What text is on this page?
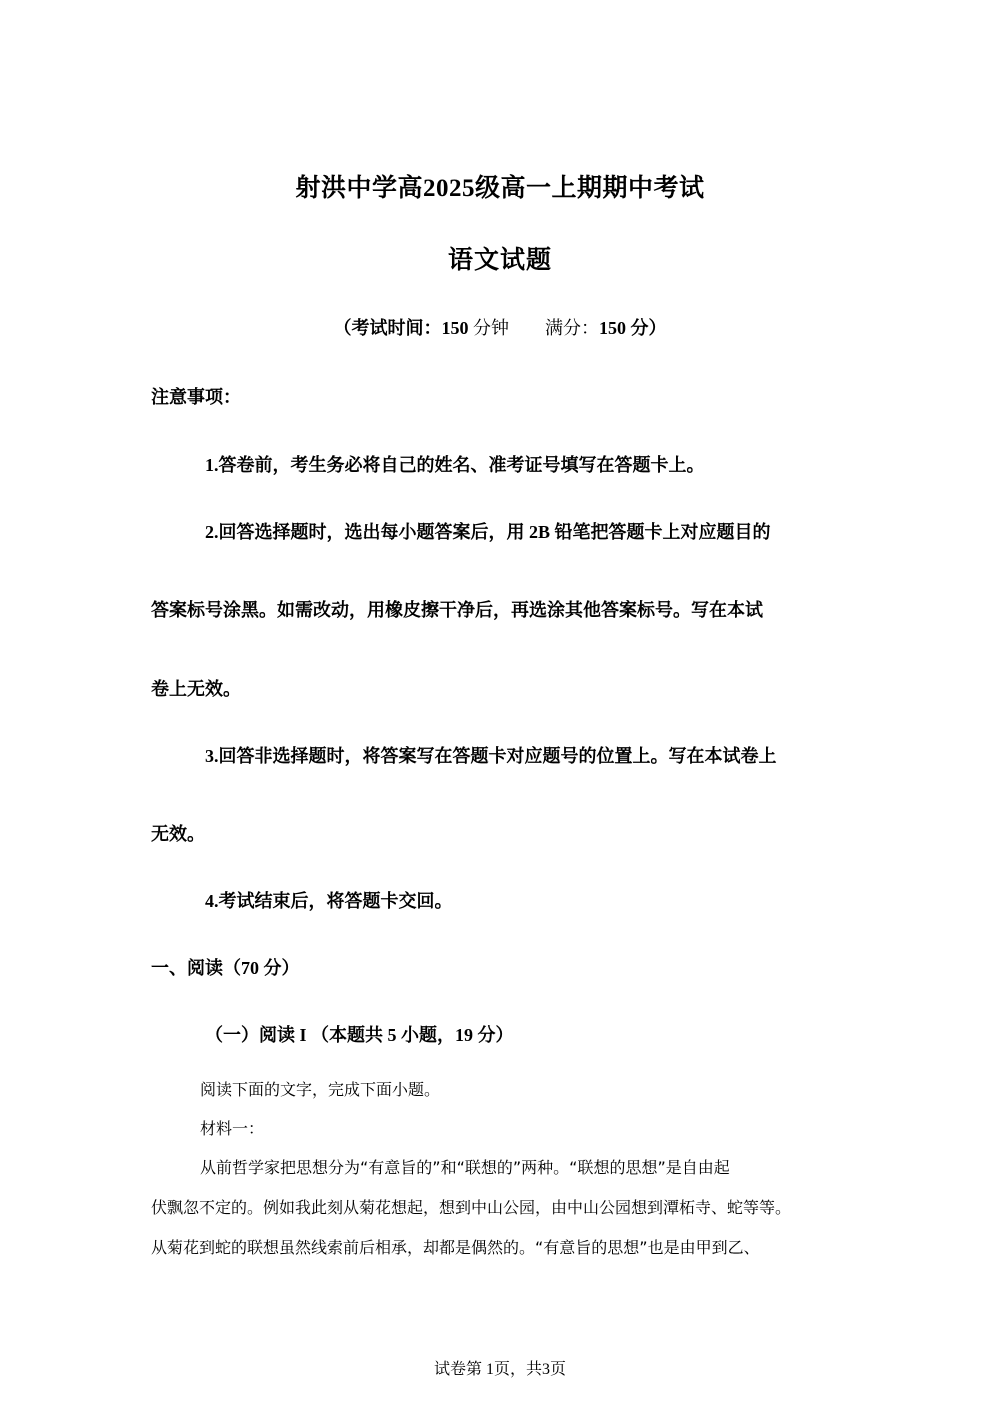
射洪中学高2025级高一上期期中考试
语文试题
（考试时间：150 分钟 满分：150 分）
注意事项：
1.答卷前，考生务必将自己的姓名、准考证号填写在答题卡上。
2.回答选择题时，选出每小题答案后，用 2B 铅笔把答题卡上对应题目的
答案标号涂黑。如需改动，用橡皮擦干净后，再选涂其他答案标号。写在本试
卷上无效。
3.回答非选择题时，将答案写在答题卡对应题号的位置上。写在本试卷上
无效。
4.考试结束后，将答题卡交回。
一、阅读（70 分）
（一）阅读 I （本题共 5 小题，19 分）
阅读下面的文字，完成下面小题。
材料一：
从前哲学家把思想分为“有意旨的”和“联想的”两种。“联想的思想”是自由起
伏飘忽不定的。例如我此刻从菊花想起，想到中山公园，由中山公园想到潭柘寺、蛇等等。
从菊花到蛇的联想虽然线索前后相承，却都是偶然的。“有意旨的思想”也是由甲到乙、
试卷第 1页，共3页
